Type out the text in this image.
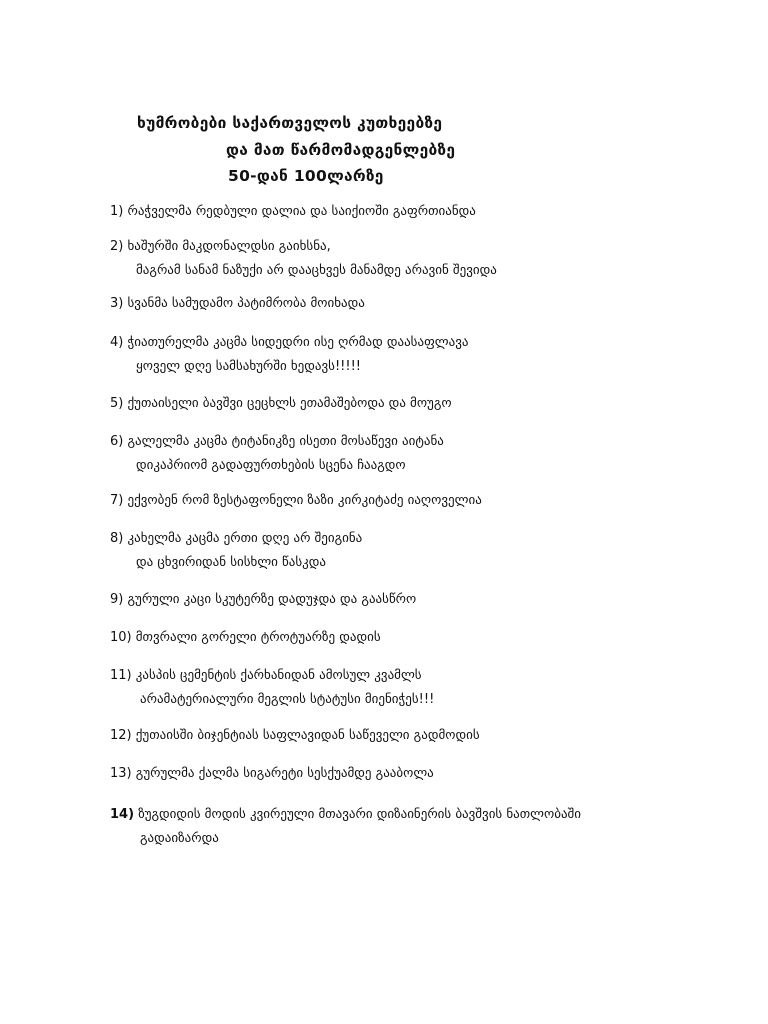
ხუმრობები საქართველოს კუთხეებზე
და მათ წარმომადგენლებზე
50-დან 100ლარზე
1) რაჭველმა რედბული დალია და საიქიოში გაფრთიანდა
2) ხაშურში მაკდონალდსი გაიხსნა,
მაგრამ სანამ ნაზუქი არ დააცხვეს მანამდე არავინ შევიდა
3) სვანმა სამუდამო პატიმრობა მოიხადა
4) ჭიათურელმა კაცმა სიდედრი ისე ღრმად დაასაფლავა
ყოველ დღე სამსახურში ხედავს!!!!!
5) ქუთაისელი ბავშვი ცეცხლს ეთამაშებოდა და მოუგო
6) გალელმა კაცმა ტიტანიკზე ისეთი მოსაწევი აიტანა
დიკაპრიომ გადაფურთხების სცენა ჩააგდო
7) ექვობენ რომ ზესტაფონელი ზაზი კირკიტაძე იაღოველია
8) კახელმა კაცმა ერთი დღე არ შეიგინა
და ცხვირიდან სისხლი წასკდა
9) გურული კაცი სკუტერზე დადუჯდა და გაასწრო
10) მთვრალი გორელი ტროტუარზე დადის
11) კასპის ცემენტის ქარხანიდან ამოსულ კვამლს
არამატერიალური მეგლის სტატუსი მიენიჭეს!!!
12) ქუთაისში ბიჯენტიას საფლავიდან საწეველი გადმოდის
13) გურულმა ქალმა სიგარეტი სესქუამდე გააბოლა
14) ზუგდიდის მოდის კვირეული მთავარი დიზაინერის ბავშვის ნათლობაში
გადაიზარდა
